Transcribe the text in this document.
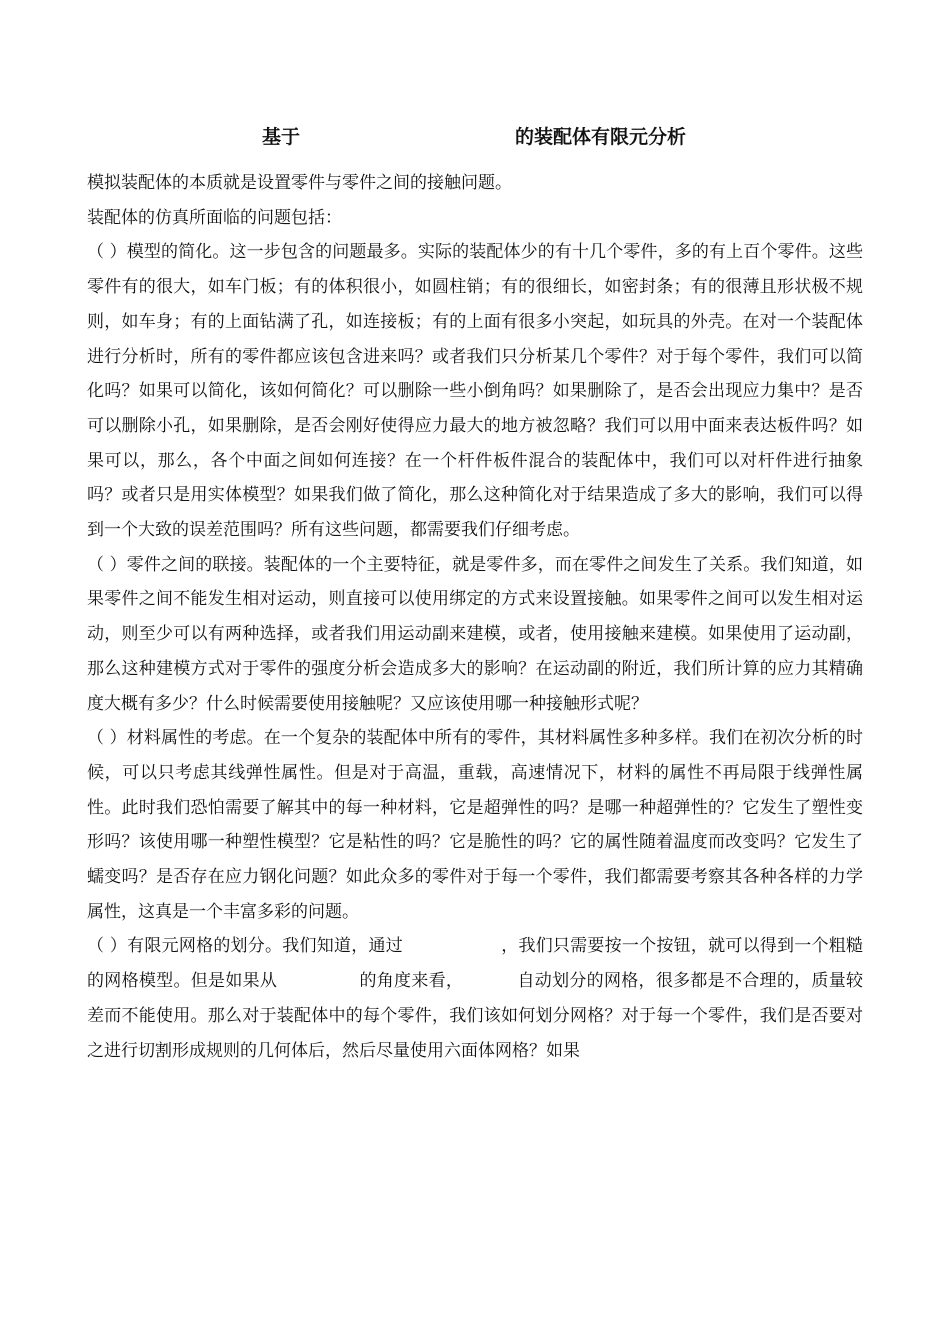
基于	的装配体有限元分析

模拟装配体的本质就是设置零件与零件之间的接触问题。

装配体的仿真所面临的问题包括：

（ ）模型的简化。这一步包含的问题最多。实际的装配体少的有十几个零件，多的有上百个零件。这些零件有的很大，如车门板；有的体积很小，如圆柱销；有的很细长，如密封条；有的很薄且形状极不规则，如车身；有的上面钻满了孔，如连接板；有的上面有很多小突起，如玩具的外壳。在对一个装配体进行分析时，所有的零件都应该包含进来吗？或者我们只分析某几个零件？对于每个零件，我们可以简化吗？如果可以简化，该如何简化？可以删除一些小倒角吗？如果删除了，是否会出现应力集中？是否可以删除小孔，如果删除，是否会刚好使得应力最大的地方被忽略？我们可以用中面来表达板件吗？如果可以，那么，各个中面之间如何连接？在一个杆件板件混合的装配体中，我们可以对杆件进行抽象吗？或者只是用实体模型？如果我们做了简化，那么这种简化对于结果造成了多大的影响，我们可以得到一个大致的误差范围吗？所有这些问题，都需要我们仔细考虑。

（ ）零件之间的联接。装配体的一个主要特征，就是零件多，而在零件之间发生了关系。我们知道，如果零件之间不能发生相对运动，则直接可以使用绑定的方式来设置接触。如果零件之间可以发生相对运动，则至少可以有两种选择，或者我们用运动副来建模，或者，使用接触来建模。如果使用了运动副，那么这种建模方式对于零件的强度分析会造成多大的影响？在运动副的附近，我们所计算的应力其精确度大概有多少？什么时候需要使用接触呢？又应该使用哪一种接触形式呢？

（ ）材料属性的考虑。在一个复杂的装配体中所有的零件，其材料属性多种多样。我们在初次分析的时候，可以只考虑其线弹性属性。但是对于高温，重载，高速情况下，材料的属性不再局限于线弹性属性。此时我们恐怕需要了解其中的每一种材料，它是超弹性的吗？是哪一种超弹性的？它发生了塑性变形吗？该使用哪一种塑性模型？它是粘性的吗？它是脆性的吗？它的属性随着温度而改变吗？它发生了蠕变吗？是否存在应力钢化问题？如此众多的零件对于每一个零件，我们都需要考察其各种各样的力学属性，这真是一个丰富多彩的问题。

（ ）有限元网格的划分。我们知道，通过	，我们只需要按一个按钮，就可以得到一个粗糙的网格模型。但是如果从	的角度来看，	自动划分的网格，很多都是不合理的，质量较差而不能使用。那么对于装配体中的每个零件，我们该如何划分网格？对于每一个零件，我们是否要对之进行切割形成规则的几何体后，然后尽量使用六面体网格？如果
